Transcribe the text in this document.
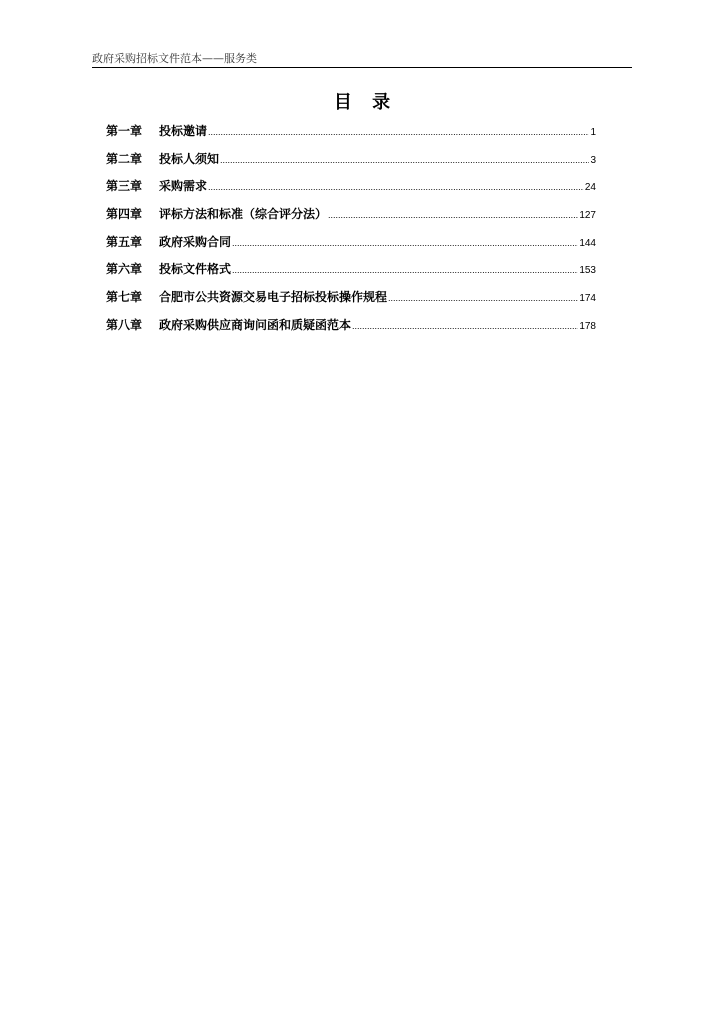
政府采购招标文件范本——服务类
目 录
第一章	投标邀请 .....	1
第二章	投标人须知 .....	3
第三章	采购需求 .....	24
第四章	评标方法和标准（综合评分法） .....	127
第五章	政府采购合同 .....	144
第六章	投标文件格式 .....	153
第七章	合肥市公共资源交易电子招标投标操作规程 .....	174
第八章	政府采购供应商询问函和质疑函范本 .....	178
